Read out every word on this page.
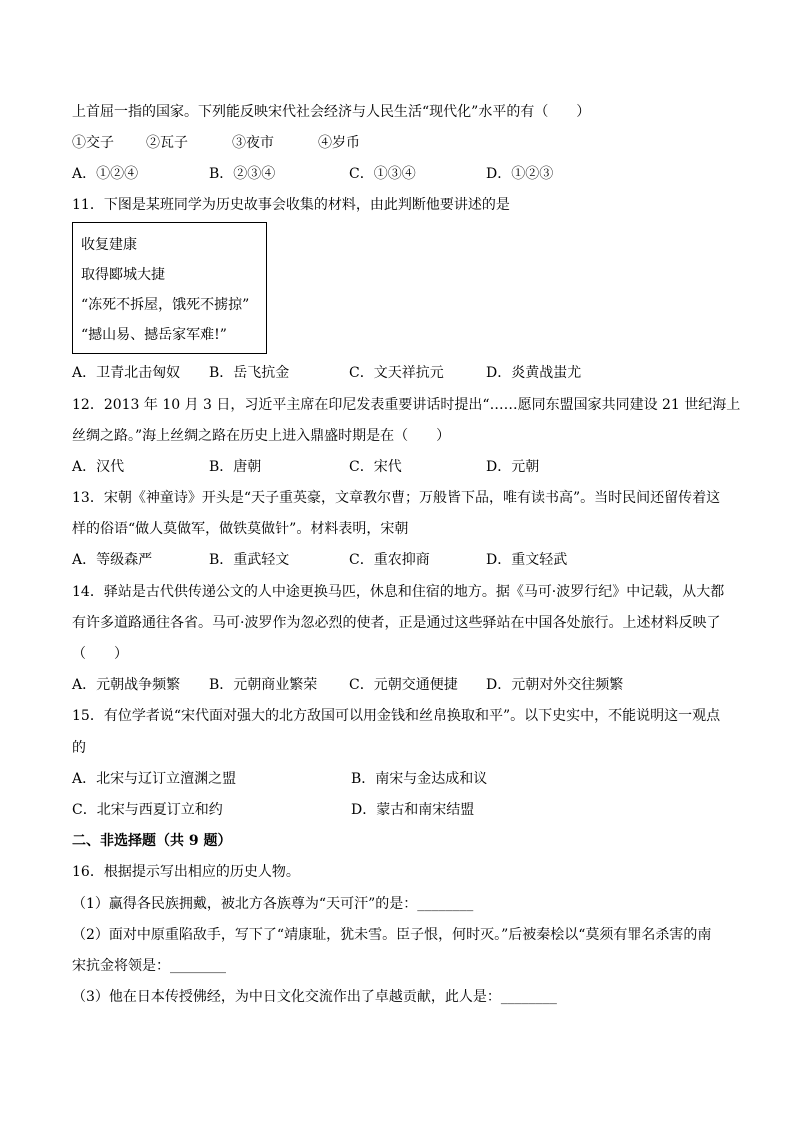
上首屈一指的国家。下列能反映宋代社会经济与人民生活“现代化”水平的有（　　）
①交子 ②瓦子	③夜市	④岁币
A．①②④	B．②③④	C．①③④	D．①②③
11．下图是某班同学为历史故事会收集的材料，由此判断他要讲述的是
收复建康
取得郾城大捷
“冻死不拆屋，饿死不掳掠”
“撼山易、撼岳家军难!”
A．卫青北击匈奴 B．岳飞抗金	C．文天祥抗元	D．炎黄战蚩尤
12．2013 年 10 月 3 日，习近平主席在印尼发表重要讲话时提出“……愿同东盟国家共同建设 21 世纪海上
丝绸之路。”海上丝绸之路在历史上进入鼎盛时期是在（　　）
A．汉代	B．唐朝	C．宋代	D．元朝
13．宋朝《神童诗》开头是“天子重英豪，文章教尔曹；万般皆下品，唯有读书高”。当时民间还留传着这
样的俗语“做人莫做军，做铁莫做针”。材料表明，宋朝
A．等级森严	B．重武轻文	C．重农抑商	D．重文轻武
14．驿站是古代供传递公文的人中途更换马匹，休息和住宿的地方。据《马可·波罗行纪》中记载，从大都
有许多道路通往各省。马可·波罗作为忽必烈的使者，正是通过这些驿站在中国各处旅行。上述材料反映了
（　　）
A．元朝战争频繁 B．元朝商业繁荣 C．元朝交通便捷 D．元朝对外交往频繁
15．有位学者说“宋代面对强大的北方敌国可以用金钱和丝帛换取和平”。以下史实中，不能说明这一观点
的
A．北宋与辽订立澶渊之盟	B．南宋与金达成和议
C．北宋与西夏订立和约	D．蒙古和南宋结盟
二、非选择题（共 9 题）
16．根据提示写出相应的历史人物。
（1）赢得各民族拥戴，被北方各族尊为“天可汗”的是：________
（2）面对中原重陷敌手，写下了“靖康耻，犹未雪。臣子恨，何时灭。”后被秦桧以“莫须有罪名杀害的南
宋抗金将领是：________
（3）他在日本传授佛经，为中日文化交流作出了卓越贡献，此人是：________
